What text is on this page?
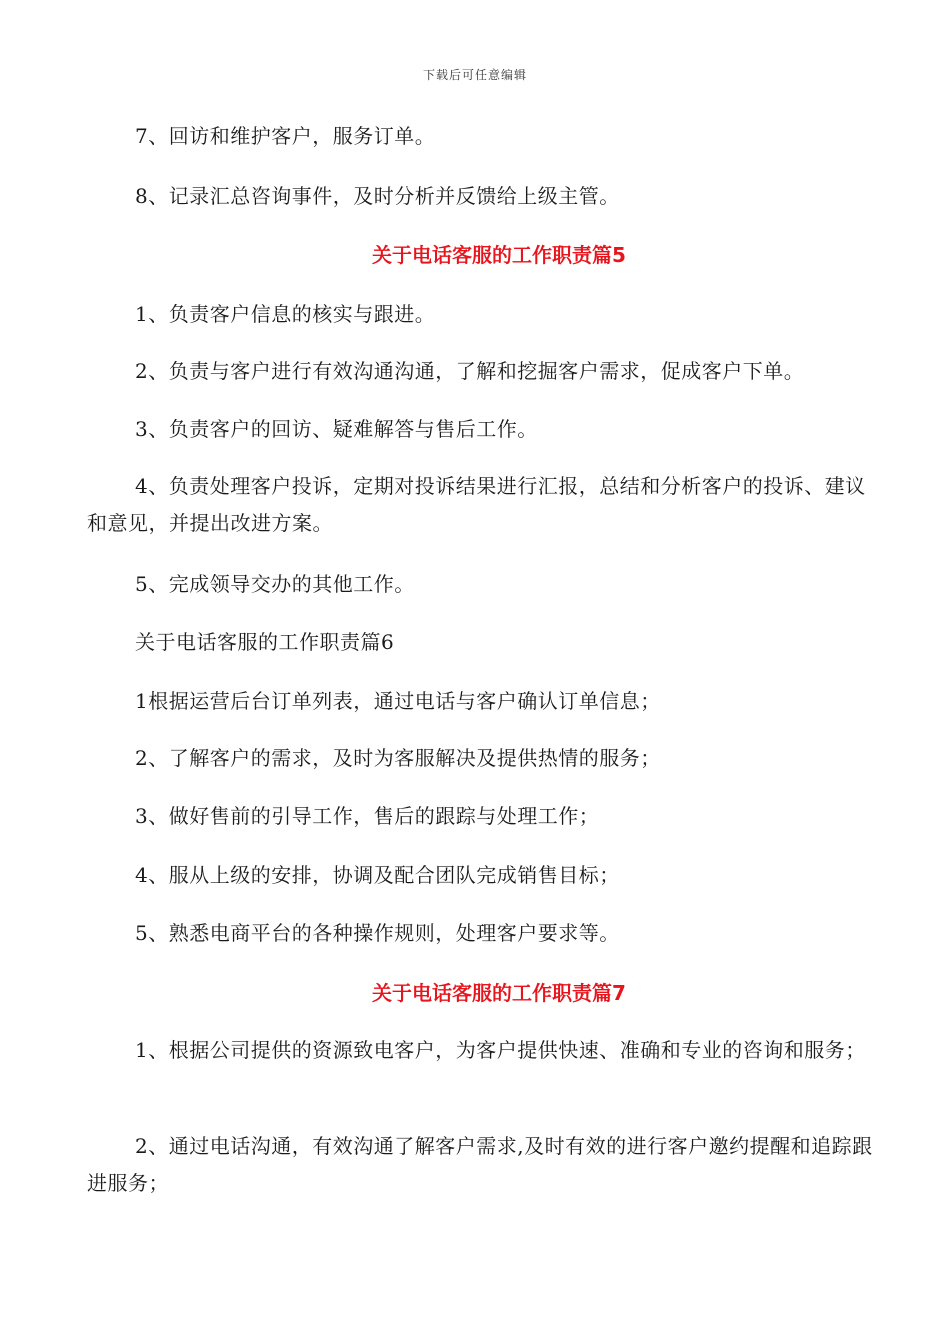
下载后可任意编辑
7、回访和维护客户，服务订单。
8、记录汇总咨询事件，及时分析并反馈给上级主管。
关于电话客服的工作职责篇5
1、负责客户信息的核实与跟进。
2、负责与客户进行有效沟通沟通，了解和挖掘客户需求，促成客户下单。
3、负责客户的回访、疑难解答与售后工作。
4、负责处理客户投诉，定期对投诉结果进行汇报，总结和分析客户的投诉、建议和意见，并提出改进方案。
5、完成领导交办的其他工作。
关于电话客服的工作职责篇6
1根据运营后台订单列表，通过电话与客户确认订单信息；
2、了解客户的需求，及时为客服解决及提供热情的服务；
3、做好售前的引导工作，售后的跟踪与处理工作；
4、服从上级的安排，协调及配合团队完成销售目标；
5、熟悉电商平台的各种操作规则，处理客户要求等。
关于电话客服的工作职责篇7
1、根据公司提供的资源致电客户，为客户提供快速、准确和专业的咨询和服务；
2、通过电话沟通，有效沟通了解客户需求,及时有效的进行客户邀约提醒和追踪跟进服务；
